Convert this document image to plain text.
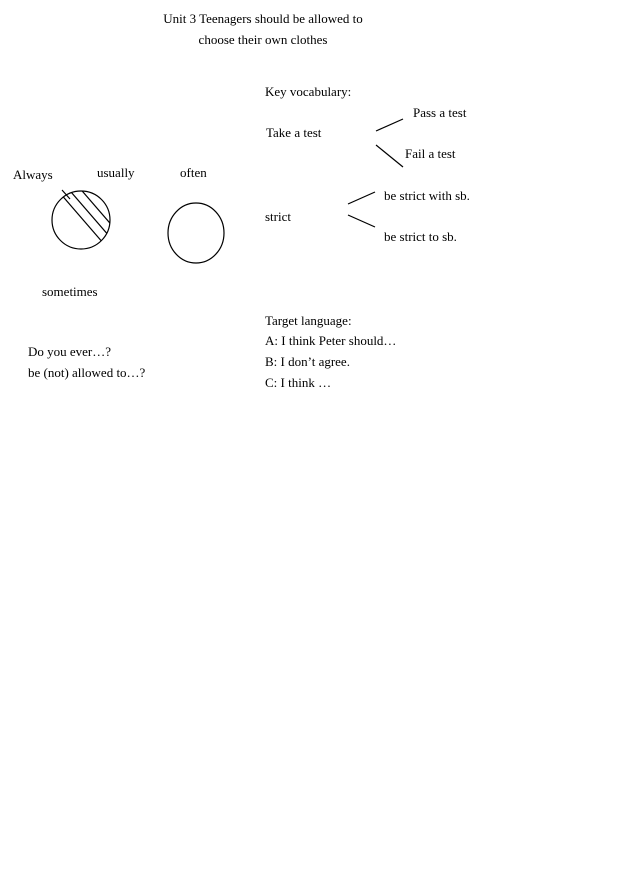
Unit 3 Teenagers should be allowed to
choose their own clothes
Always	usually	often
sometimes
Do you ever…?
be (not) allowed to…?
Key vocabulary:
Take a test
Pass a test
Fail a test
strict
be strict with sb.
be strict to sb.
Target language:
A: I think Peter should…
B: I don’t agree.
C: I think …
